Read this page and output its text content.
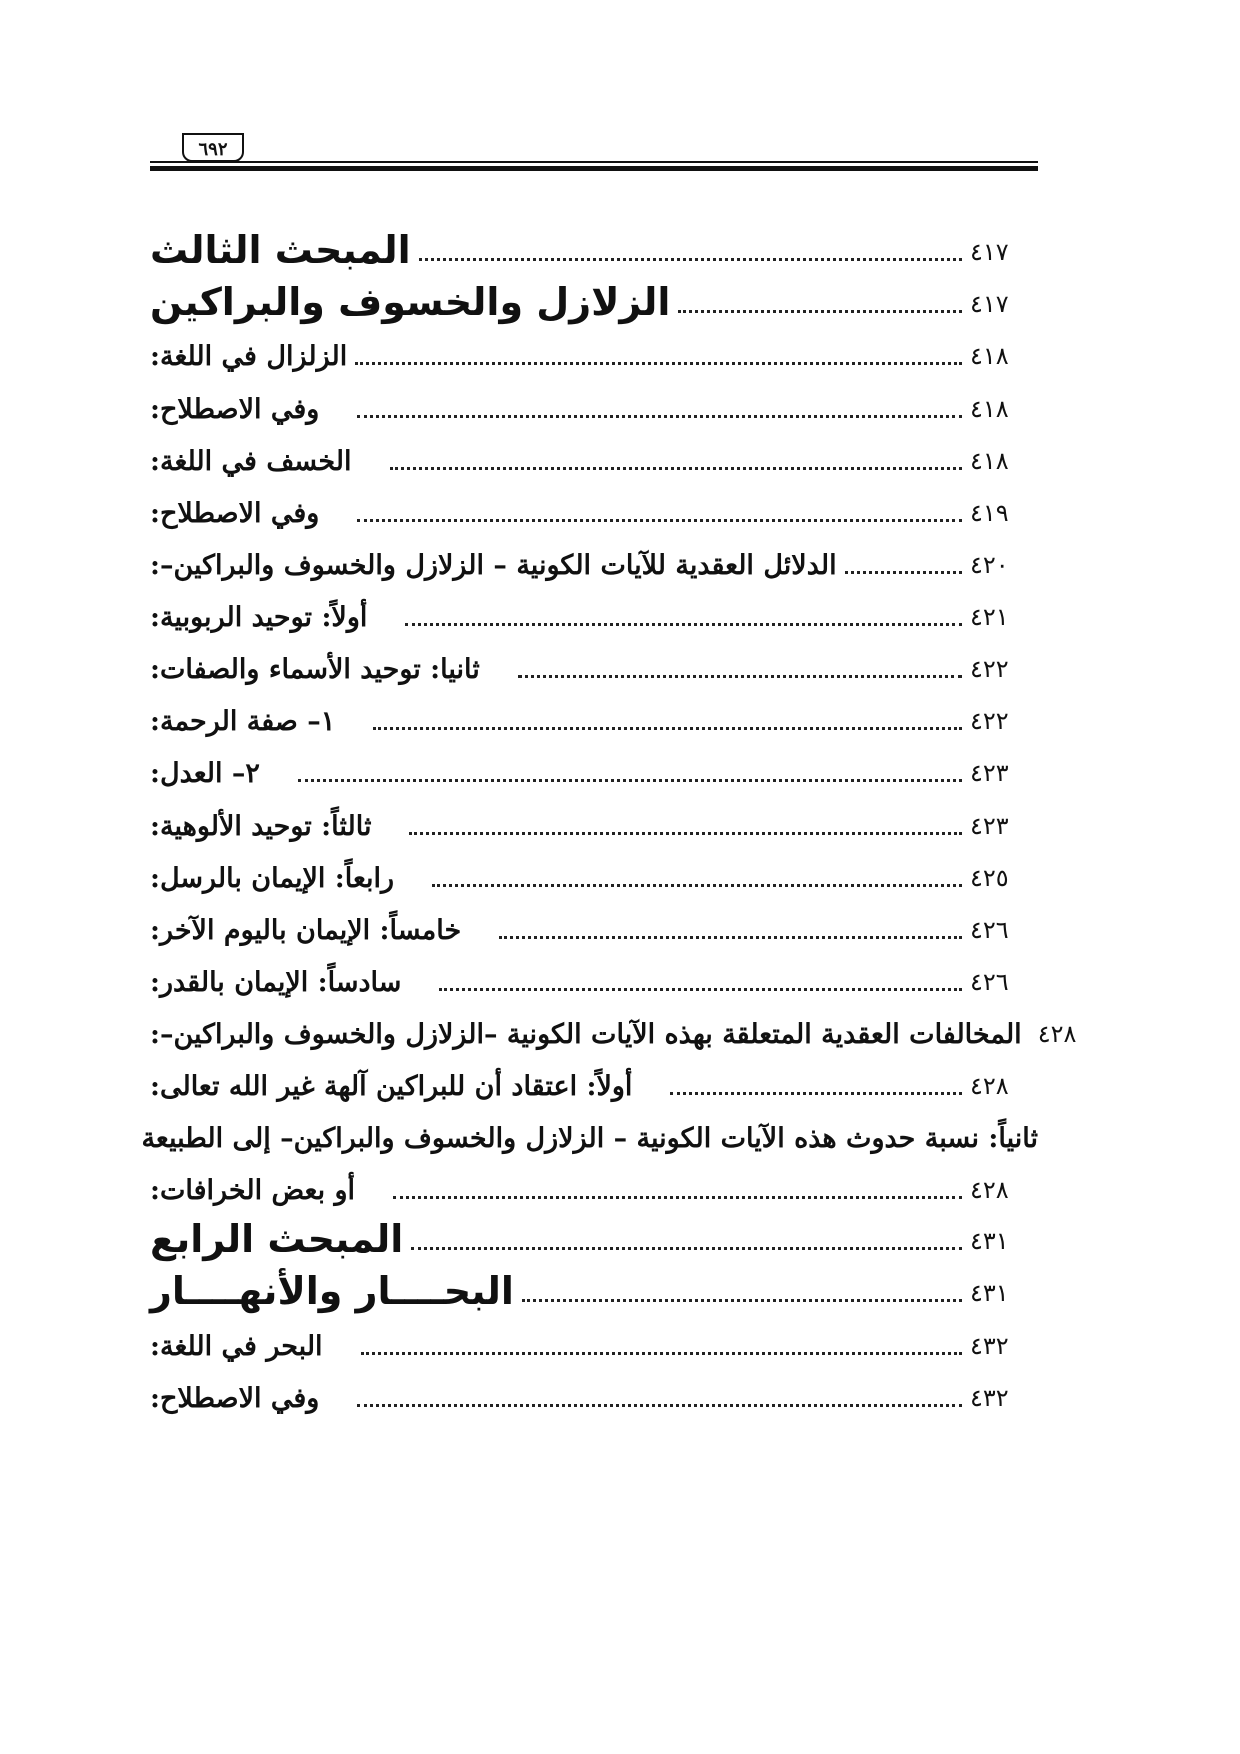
٦٩٢
المبحث الثالث	٤١٧
الزلازل والخسوف والبراكين	٤١٧
الزلزال في اللغة:	٤١٨
وفي الاصطلاح:	٤١٨
الخسف في اللغة:	٤١٨
وفي الاصطلاح:	٤١٩
الدلائل العقدية للآيات الكونية – الزلازل والخسوف والبراكين–:	٤٢٠
أولاً: توحيد الربوبية:	٤٢١
ثانيا: توحيد الأسماء والصفات:	٤٢٢
١– صفة الرحمة:	٤٢٢
٢– العدل:	٤٢٣
ثالثاً: توحيد الألوهية:	٤٢٣
رابعاً: الإيمان بالرسل:	٤٢٥
خامساً: الإيمان باليوم الآخر:	٤٢٦
سادساً: الإيمان بالقدر:	٤٢٦
المخالفات العقدية المتعلقة بهذه الآيات الكونية –الزلازل والخسوف والبراكين–: ٤٢٨
أولاً: اعتقاد أن للبراكين آلهة غير الله تعالى:	٤٢٨
ثانياً: نسبة حدوث هذه الآيات الكونية – الزلازل والخسوف والبراكين– إلى الطبيعة
أو بعض الخرافات:	٤٢٨
المبحث الرابع	٤٣١
البحــــار والأنهــــار	٤٣١
البحر في اللغة:	٤٣٢
وفي الاصطلاح:	٤٣٢
